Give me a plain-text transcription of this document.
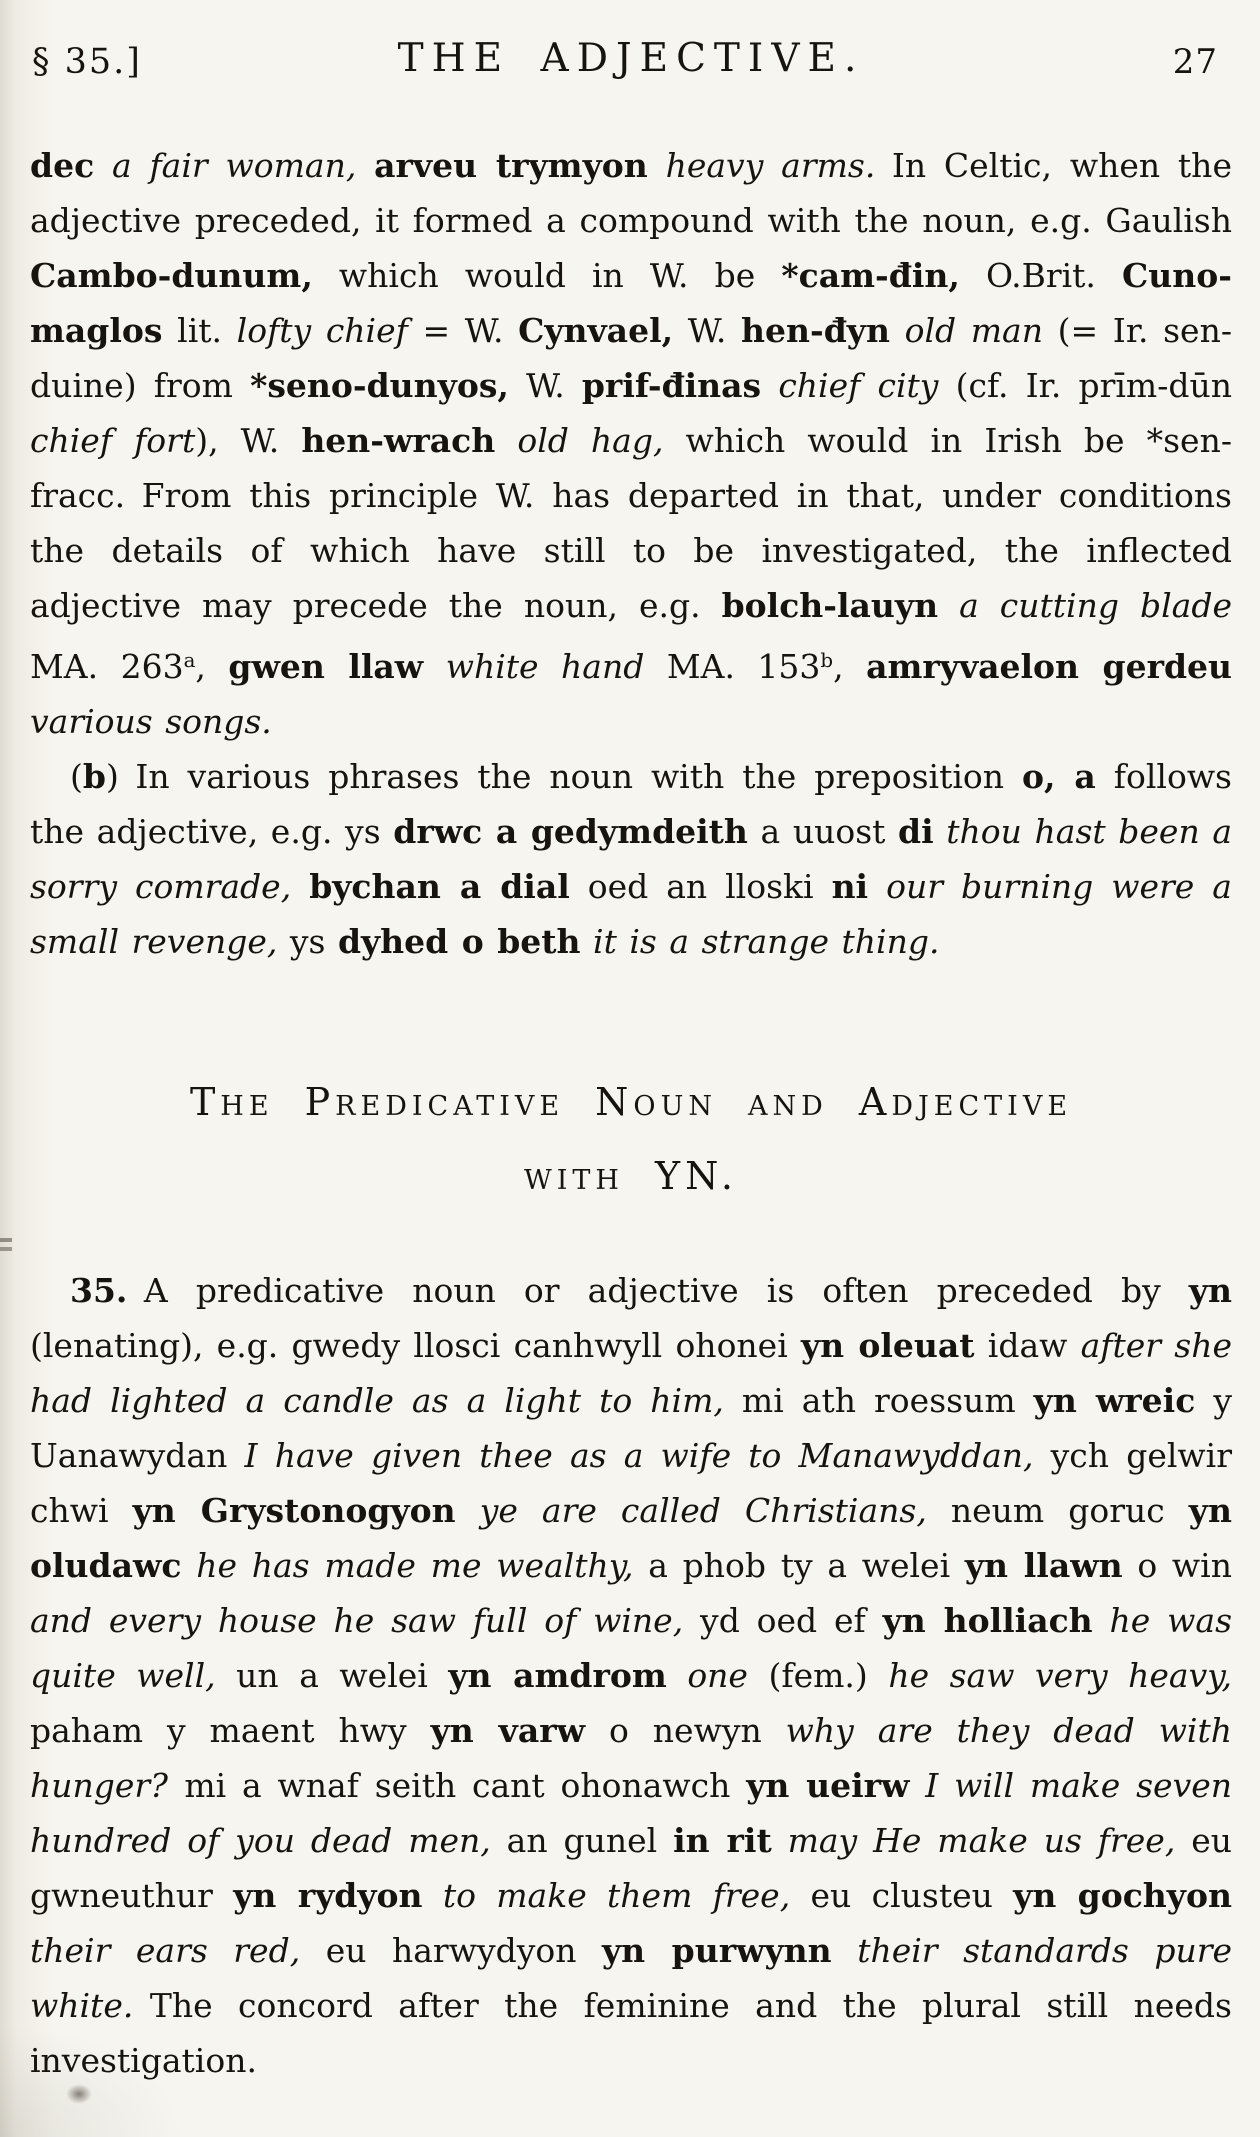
§ 35.]	THE ADJECTIVE.	27

dec a fair woman, arveu trymyon heavy arms. In Celtic, when the adjective preceded, it formed a compound with the noun, e.g. Gaulish Cambo-dunum, which would in W. be *cam-đin, O.Brit. Cuno-maglos lit. lofty chief = W. Cynvael, W. hen-đyn old man (= Ir. sen-duine) from *seno-dunyos, W. prif-đinas chief city (cf. Ir. prīm-dūn chief fort), W. hen-wrach old hag, which would in Irish be *sen-fracc. From this principle W. has departed in that, under conditions the details of which have still to be investigated, the inflected adjective may precede the noun, e.g. bolch-lauyn a cutting blade MA. 263$^a$, gwen llaw white hand MA. 153$^b$, amryvaelon gerdeu various songs.

(b) In various phrases the noun with the preposition o, a follows the adjective, e.g. ys drwc a gedymdeith a uuost di thou hast been a sorry comrade, bychan a dial oed an lloski ni our burning were a small revenge, ys dyhed o beth it is a strange thing.

The Predicative Noun and Adjective
with YN.

35. A predicative noun or adjective is often preceded by yn (lenating), e.g. gwedy llosci canhwyll ohonei yn oleuat idaw after she had lighted a candle as a light to him, mi ath roessum yn wreic y Uanawydan I have given thee as a wife to Manawyddan, ych gelwir chwi yn Grystonogyon ye are called Christians, neum goruc yn oludawc he has made me wealthy, a phob ty a welei yn llawn o win and every house he saw full of wine, yd oed ef yn holliach he was quite well, un a welei yn amdrom one (fem.) he saw very heavy, paham y maent hwy yn varw o newyn why are they dead with hunger? mi a wnaf seith cant ohonawch yn ueirw I will make seven hundred of you dead men, an gunel in rit may He make us free, eu gwneuthur yn rydyon to make them free, eu clusteu yn gochyon their ears red, eu harwydyon yn purwynn their standards pure white. The concord after the feminine and the plural still needs investigation.
